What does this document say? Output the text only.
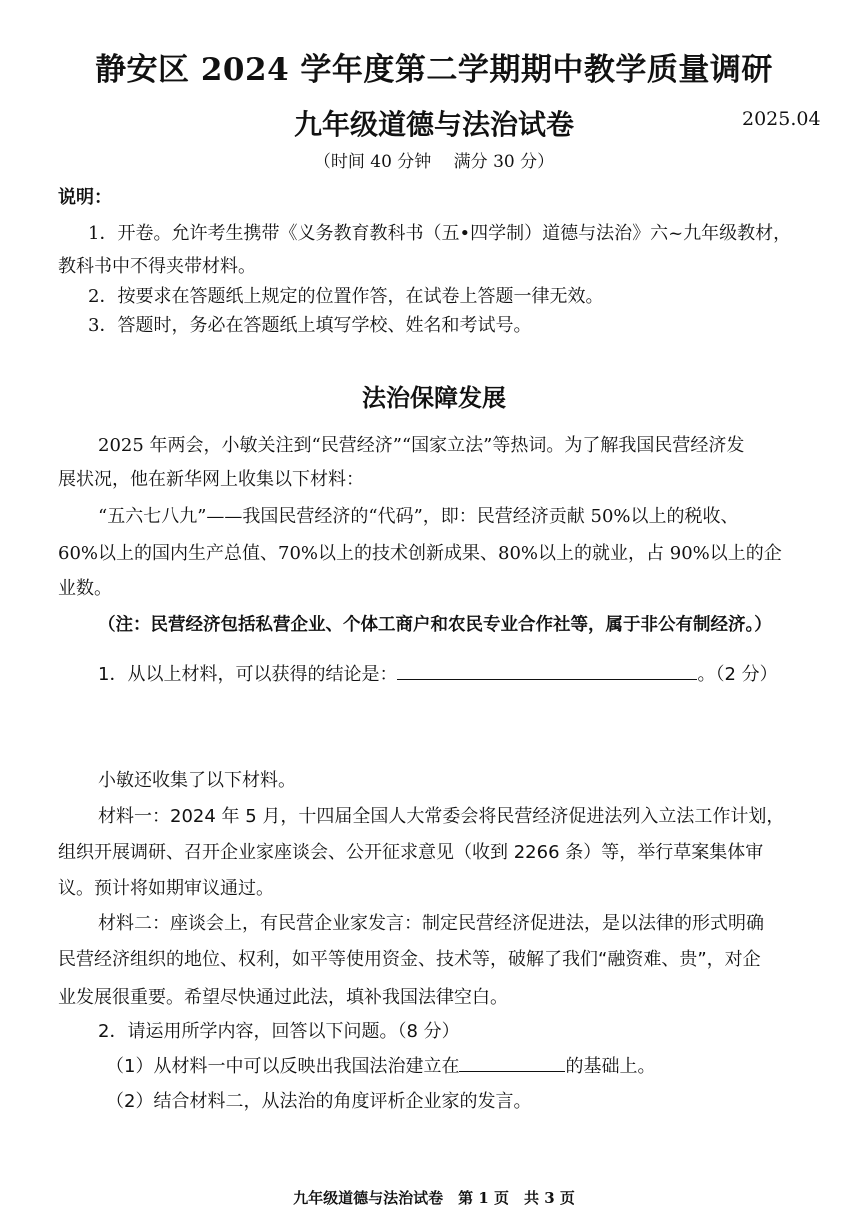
静安区 2024 学年度第二学期期中教学质量调研
九年级道德与法治试卷	2025.04
（时间 40 分钟　 满分 30 分）
说明：
1．开卷。允许考生携带《义务教育教科书（五•四学制）道德与法治》六~九年级教材，
教科书中不得夹带材料。
2．按要求在答题纸上规定的位置作答，在试卷上答题一律无效。
3．答题时，务必在答题纸上填写学校、姓名和考试号。
法治保障发展
2025 年两会，小敏关注到“民营经济”“国家立法”等热词。为了解我国民营经济发
展状况，他在新华网上收集以下材料：
“五六七八九”——我国民营经济的“代码”，即：民营经济贡献 50%以上的税收、
60%以上的国内生产总值、70%以上的技术创新成果、80%以上的就业，占 90%以上的企
业数。
（注：民营经济包括私营企业、个体工商户和农民专业合作社等，属于非公有制经济。）
1．从以上材料，可以获得的结论是：	。（2 分）
小敏还收集了以下材料。
材料一：2024 年 5 月，十四届全国人大常委会将民营经济促进法列入立法工作计划，
组织开展调研、召开企业家座谈会、公开征求意见（收到 2266 条）等，举行草案集体审
议。预计将如期审议通过。
材料二：座谈会上，有民营企业家发言：制定民营经济促进法，是以法律的形式明确
民营经济组织的地位、权利，如平等使用资金、技术等，破解了我们“融资难、贵”，对企
业发展很重要。希望尽快通过此法，填补我国法律空白。
2．请运用所学内容，回答以下问题。（8 分）
（1）从材料一中可以反映出我国法治建立在	的基础上。
（2）结合材料二，从法治的角度评析企业家的发言。
九年级道德与法治试卷　第 1 页　共 3 页
